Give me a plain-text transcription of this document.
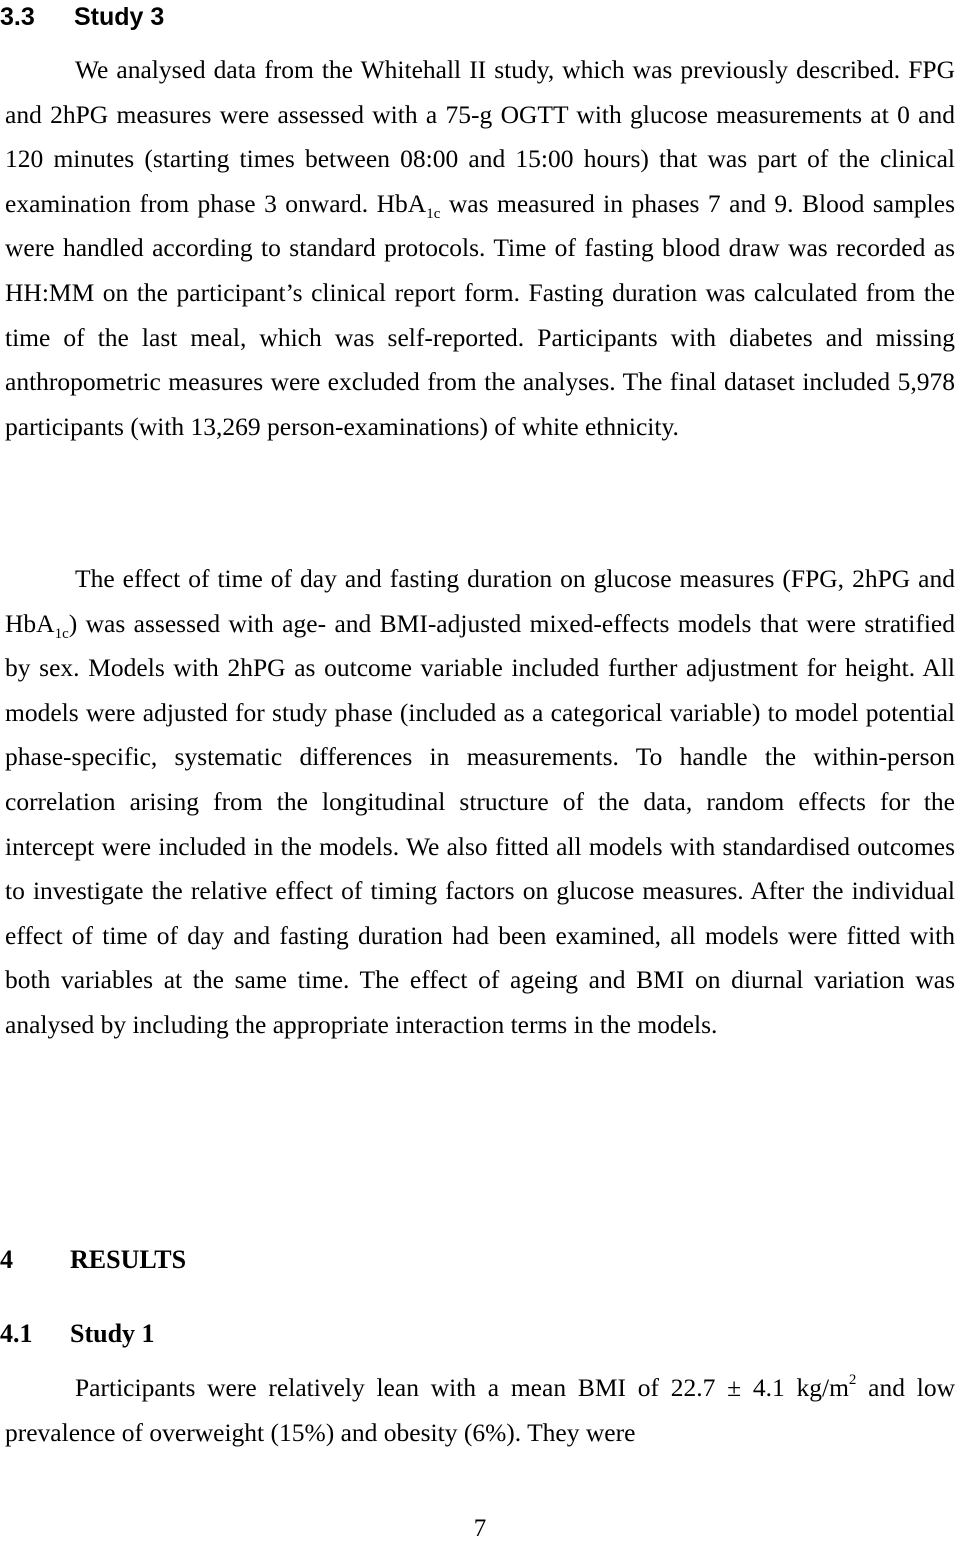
3.3 Study 3

We analysed data from the Whitehall II study, which was previously described. FPG and 2hPG measures were assessed with a 75-g OGTT with glucose measurements at 0 and 120 minutes (starting times between 08:00 and 15:00 hours) that was part of the clinical examination from phase 3 onward. HbA$_{1c}$ was measured in phases 7 and 9. Blood samples were handled according to standard protocols. Time of fasting blood draw was recorded as HH:MM on the participant’s clinical report form. Fasting duration was calculated from the time of the last meal, which was self-reported. Participants with diabetes and missing anthropometric measures were excluded from the analyses. The final dataset included 5,978 participants (with 13,269 person-examinations) of white ethnicity.

The effect of time of day and fasting duration on glucose measures (FPG, 2hPG and HbA$_{1c}$) was assessed with age- and BMI-adjusted mixed-effects models that were stratified by sex. Models with 2hPG as outcome variable included further adjustment for height. All models were adjusted for study phase (included as a categorical variable) to model potential phase-specific, systematic differences in measurements. To handle the within-person correlation arising from the longitudinal structure of the data, random effects for the intercept were included in the models. We also fitted all models with standardised outcomes to investigate the relative effect of timing factors on glucose measures. After the individual effect of time of day and fasting duration had been examined, all models were fitted with both variables at the same time. The effect of ageing and BMI on diurnal variation was analysed by including the appropriate interaction terms in the models.

4 RESULTS
4.1 Study 1

Participants were relatively lean with a mean BMI of 22.7 ± 4.1 $kg/m^2$ and low prevalence of overweight (15%) and obesity (6%). They were

7
